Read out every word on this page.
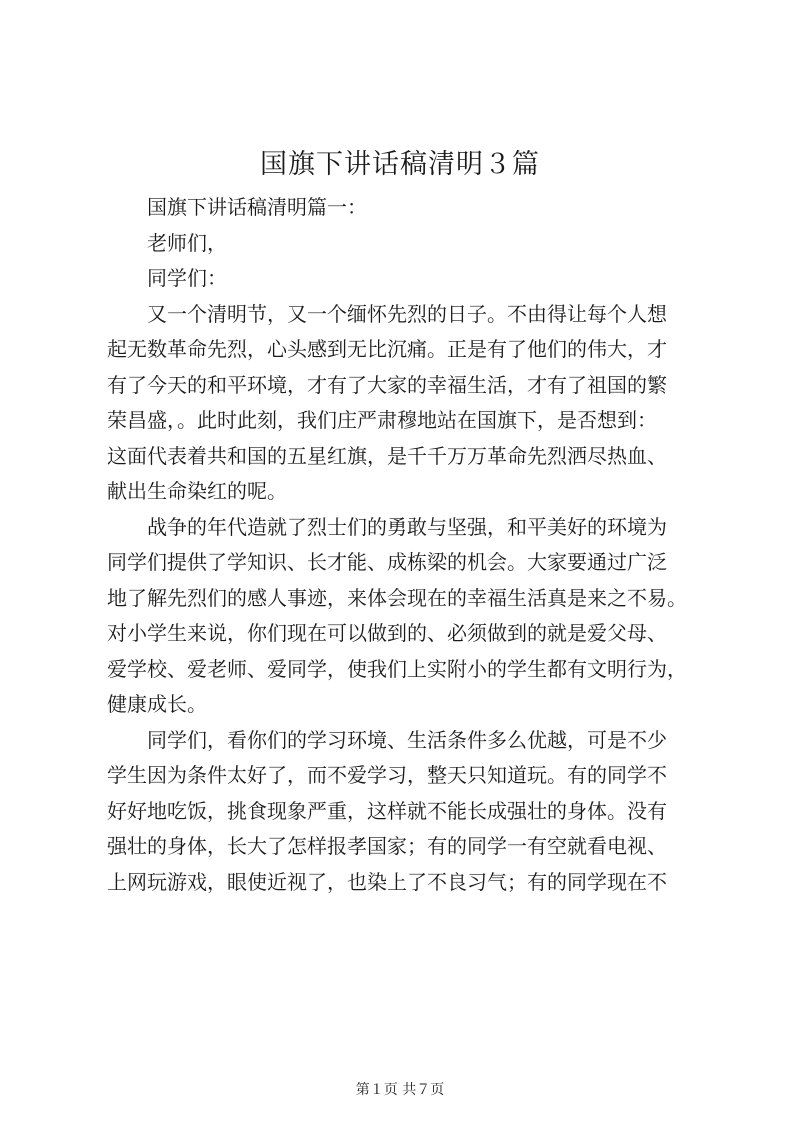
国旗下讲话稿清明３篇
国旗下讲话稿清明篇一：
老师们，
同学们：
又一个清明节，又一个缅怀先烈的日子。不由得让每个人想
起无数革命先烈，心头感到无比沉痛。正是有了他们的伟大，才
有了今天的和平环境，才有了大家的幸福生活，才有了祖国的繁
荣昌盛，。此时此刻，我们庄严肃穆地站在国旗下，是否想到：
这面代表着共和国的五星红旗，是千千万万革命先烈洒尽热血、
献出生命染红的呢。
战争的年代造就了烈士们的勇敢与坚强，和平美好的环境为
同学们提供了学知识、长才能、成栋梁的机会。大家要通过广泛
地了解先烈们的感人事迹，来体会现在的幸福生活真是来之不易。
对小学生来说，你们现在可以做到的、必须做到的就是爱父母、
爱学校、爱老师、爱同学，使我们上实附小的学生都有文明行为，
健康成长。
同学们，看你们的学习环境、生活条件多么优越，可是不少
学生因为条件太好了，而不爱学习，整天只知道玩。有的同学不
好好地吃饭，挑食现象严重，这样就不能长成强壮的身体。没有
强壮的身体，长大了怎样报孝国家；有的同学一有空就看电视、
上网玩游戏，眼使近视了，也染上了不良习气；有的同学现在不
第１页 共７页
